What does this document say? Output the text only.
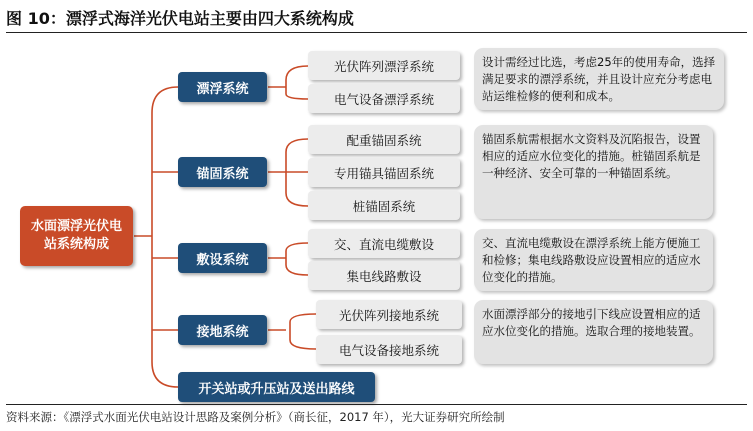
图 10：漂浮式海洋光伏电站主要由四大系统构成
水面漂浮光伏电
站系统构成
漂浮系统
锚固系统
敷设系统
接地系统
开关站或升压站及送出路线
光伏阵列漂浮系统
电气设备漂浮系统
配重锚固系统
专用锚具锚固系统
桩锚固系统
交、直流电缆敷设
集电线路敷设
光伏阵列接地系统
电气设备接地系统
设计需经过比选，考虑25年的使用寿命，选择满足要求的漂浮系统，并且设计应充分考虑电站运维检修的便利和成本。
锚固系航需根据水文资料及沉陷报告，设置相应的适应水位变化的措施。桩锚固系航是一种经济、安全可靠的一种锚固系统。
交、直流电缆敷设在漂浮系统上能方便施工和检修；集电线路敷设应设置相应的适应水位变化的措施。
水面漂浮部分的接地引下线应设置相应的适应水位变化的措施。选取合理的接地装置。
资料来源：《漂浮式水面光伏电站设计思路及案例分析》（商长征，2017 年），光大证券研究所绘制
